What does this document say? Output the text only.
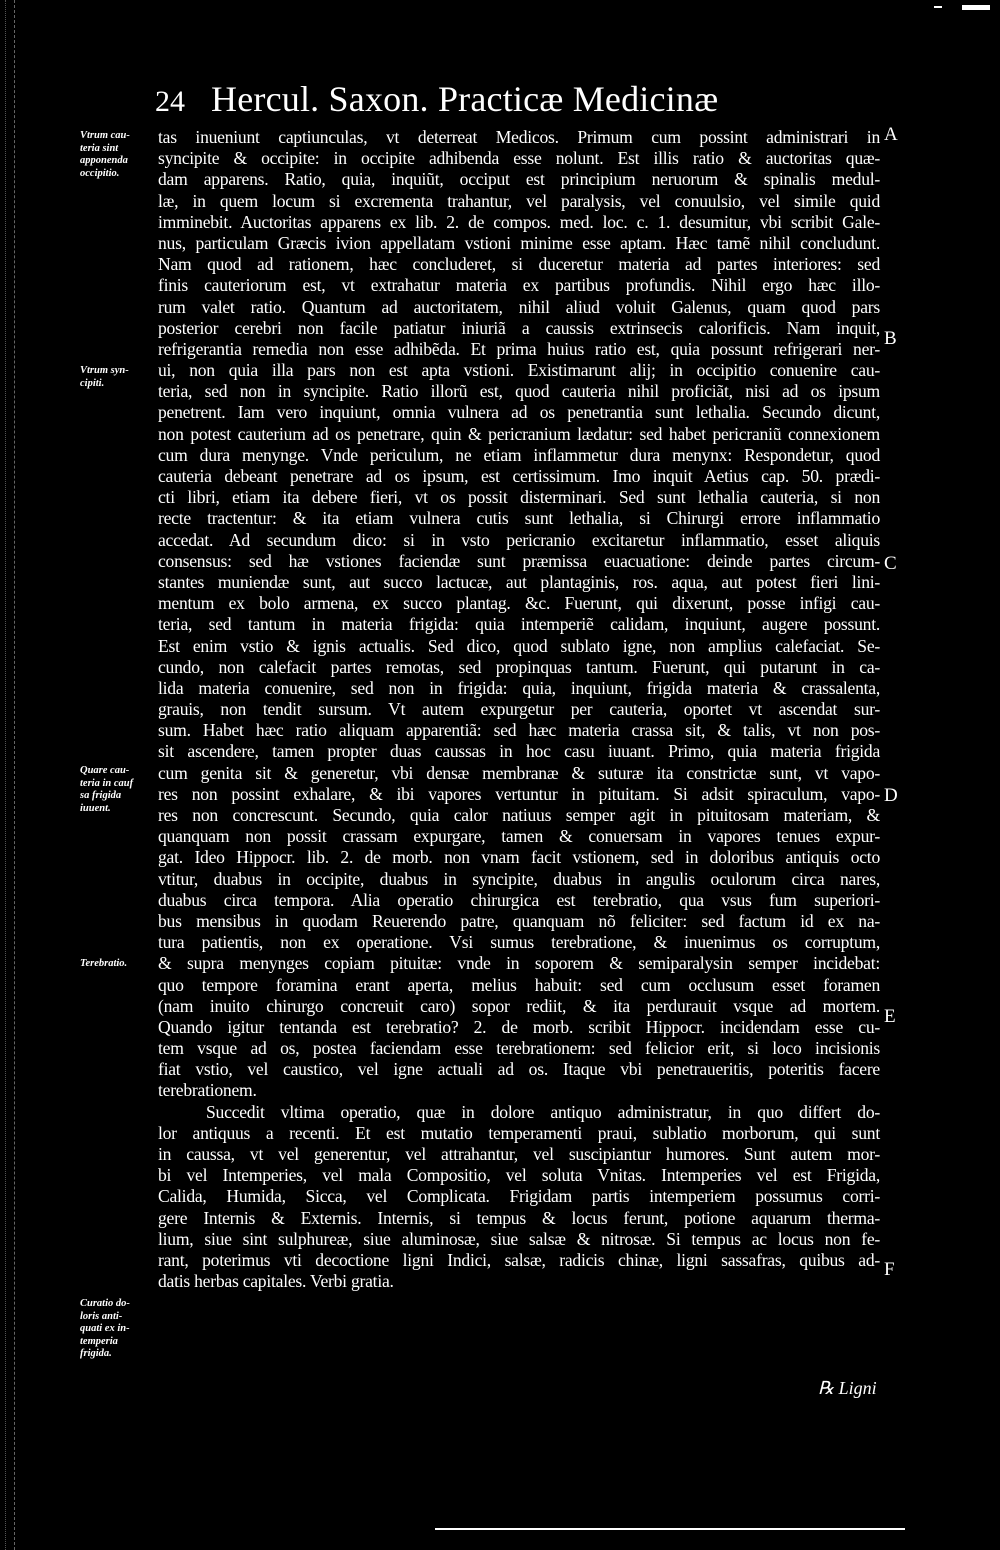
24 Hercul. Saxon. Practicæ Medicinæ
Vtrum cau-
teria sint
apponenda
occipitio.
Vtrum syn-
cipiti.
Quare cau-
teria in cauf
sa frigida
iuuent.
Terebratio.
Curatio do-
loris anti-
quati ex in-
temperia
frigida.
A
B
C
D
E
F
tas inueniunt captiunculas, vt deterreat Medicos. Primum cum possint administrari in
syncipite & occipite: in occipite adhibenda esse nolunt. Est illis ratio & auctoritas quæ-
dam apparens. Ratio, quia, inquiũt, occiput est principium neruorum & spinalis medul-
læ, in quem locum si excrementa trahantur, vel paralysis, vel conuulsio, vel simile quid
imminebit. Auctoritas apparens ex lib. 2. de compos. med. loc. c. 1. desumitur, vbi scribit Gale-
nus, particulam Græcis ivion appellatam vstioni minime esse aptam. Hæc tamẽ nihil concludunt.
Nam quod ad rationem, hæc concluderet, si duceretur materia ad partes interiores: sed
finis cauteriorum est, vt extrahatur materia ex partibus profundis. Nihil ergo hæc illo-
rum valet ratio. Quantum ad auctoritatem, nihil aliud voluit Galenus, quam quod pars
posterior cerebri non facile patiatur iniuriã a caussis extrinsecis calorificis. Nam inquit,
refrigerantia remedia non esse adhibẽda. Et prima huius ratio est, quia possunt refrigerari ner-
ui, non quia illa pars non est apta vstioni. Existimarunt alij; in occipitio conuenire cau-
teria, sed non in syncipite. Ratio illorũ est, quod cauteria nihil proficiãt, nisi ad os ipsum
penetrent. Iam vero inquiunt, omnia vulnera ad os penetrantia sunt lethalia. Secundo dicunt,
non potest cauterium ad os penetrare, quin & pericranium lædatur: sed habet pericraniũ connexionem
cum dura menynge. Vnde periculum, ne etiam inflammetur dura menynx: Respondetur, quod
cauteria debeant penetrare ad os ipsum, est certissimum. Imo inquit Aetius cap. 50. prædi-
cti libri, etiam ita debere fieri, vt os possit disterminari. Sed sunt lethalia cauteria, si non
recte tractentur: & ita etiam vulnera cutis sunt lethalia, si Chirurgi errore inflammatio
accedat. Ad secundum dico: si in vsto pericranio excitaretur inflammatio, esset aliquis
consensus: sed hæ vstiones faciendæ sunt præmissa euacuatione: deinde partes circum-
stantes muniendæ sunt, aut succo lactucæ, aut plantaginis, ros. aqua, aut potest fieri lini-
mentum ex bolo armena, ex succo plantag. &c. Fuerunt, qui dixerunt, posse infigi cau-
teria, sed tantum in materia frigida: quia intemperiẽ calidam, inquiunt, augere possunt.
Est enim vstio & ignis actualis. Sed dico, quod sublato igne, non amplius calefaciat. Se-
cundo, non calefacit partes remotas, sed propinquas tantum. Fuerunt, qui putarunt in ca-
lida materia conuenire, sed non in frigida: quia, inquiunt, frigida materia & crassalenta,
grauis, non tendit sursum. Vt autem expurgetur per cauteria, oportet vt ascendat sur-
sum. Habet hæc ratio aliquam apparentiã: sed hæc materia crassa sit, & talis, vt non pos-
sit ascendere, tamen propter duas caussas in hoc casu iuuant. Primo, quia materia frigida
cum genita sit & generetur, vbi densæ membranæ & suturæ ita constrictæ sunt, vt vapo-
res non possint exhalare, & ibi vapores vertuntur in pituitam. Si adsit spiraculum, vapo-
res non concrescunt. Secundo, quia calor natiuus semper agit in pituitosam materiam, &
quanquam non possit crassam expurgare, tamen & conuersam in vapores tenues expur-
gat. Ideo Hippocr. lib. 2. de morb. non vnam facit vstionem, sed in doloribus antiquis octo
vtitur, duabus in occipite, duabus in syncipite, duabus in angulis oculorum circa nares,
duabus circa tempora. Alia operatio chirurgica est terebratio, qua vsus fum superiori-
bus mensibus in quodam Reuerendo patre, quanquam nõ feliciter: sed factum id ex na-
tura patientis, non ex operatione. Vsi sumus terebratione, & inuenimus os corruptum,
& supra menynges copiam pituitæ: vnde in soporem & semiparalysin semper incidebat:
quo tempore foramina erant aperta, melius habuit: sed cum occlusum esset foramen
(nam inuito chirurgo concreuit caro) sopor rediit, & ita perdurauit vsque ad mortem.
Quando igitur tentanda est terebratio? 2. de morb. scribit Hippocr. incidendam esse cu-
tem vsque ad os, postea faciendam esse terebrationem: sed felicior erit, si loco incisionis
fiat vstio, vel caustico, vel igne actuali ad os. Itaque vbi penetraueritis, poteritis facere
terebrationem.
Succedit vltima operatio, quæ in dolore antiquo administratur, in quo differt do-
lor antiquus a recenti. Et est mutatio temperamenti praui, sublatio morborum, qui sunt
in caussa, vt vel generentur, vel attrahantur, vel suscipiantur humores. Sunt autem mor-
bi vel Intemperies, vel mala Compositio, vel soluta Vnitas. Intemperies vel est Frigida,
Calida, Humida, Sicca, vel Complicata. Frigidam partis intemperiem possumus corri-
gere Internis & Externis. Internis, si tempus & locus ferunt, potione aquarum therma-
lium, siue sint sulphureæ, siue aluminosæ, siue salsæ & nitrosæ. Si tempus ac locus non fe-
rant, poterimus vti decoctione ligni Indici, salsæ, radicis chinæ, ligni sassafras, quibus ad-
datis herbas capitales. Verbi gratia.
℞ Ligni
